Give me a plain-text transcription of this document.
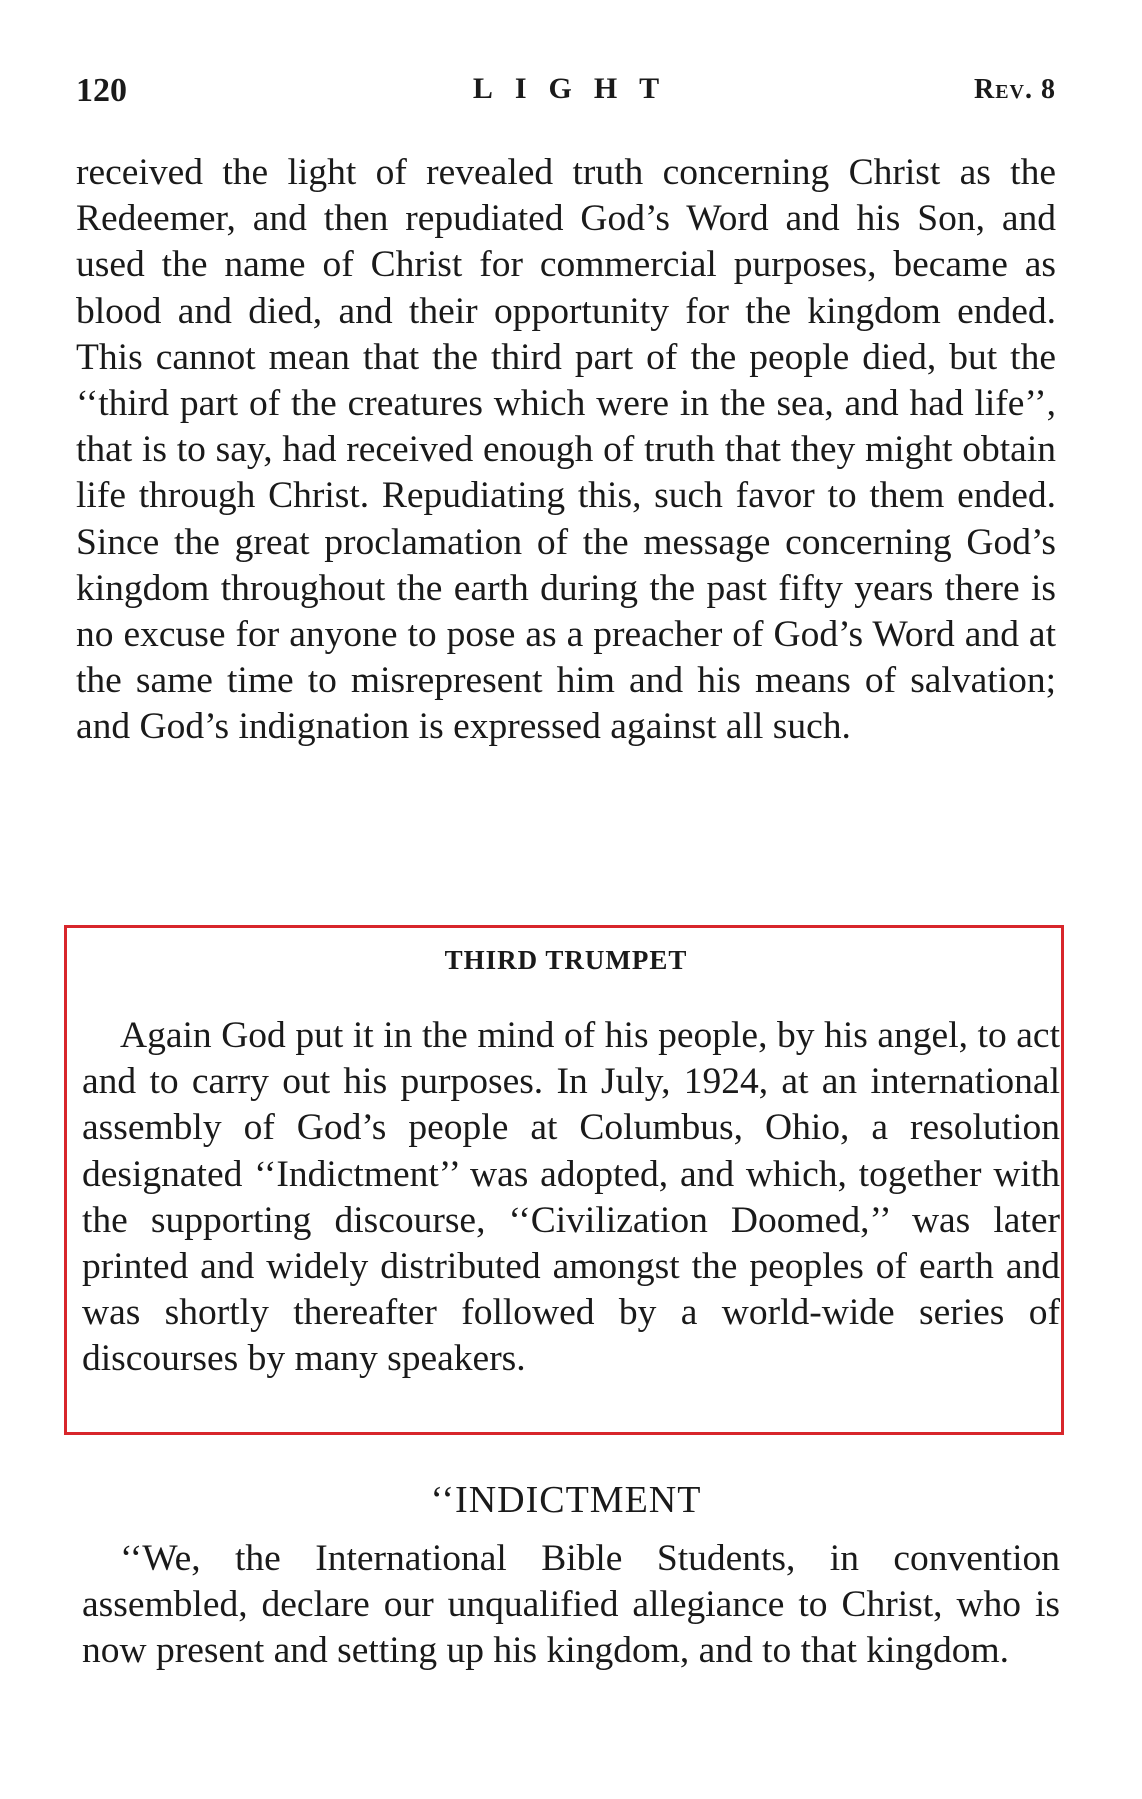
120	LIGHT	Rev. 8

received the light of revealed truth concerning Christ as the Redeemer, and then repudiated God’s Word and his Son, and used the name of Christ for commercial purposes, became as blood and died, and their opportunity for the kingdom ended. This cannot mean that the third part of the people died, but the ‘‘third part of the creatures which were in the sea, and had life’’, that is to say, had received enough of truth that they might obtain life through Christ. Repudiating this, such favor to them ended. Since the great proclamation of the message concerning God’s kingdom throughout the earth during the past fifty years there is no excuse for anyone to pose as a preacher of God’s Word and at the same time to misrepresent him and his means of salvation; and God’s indignation is expressed against all such.

THIRD TRUMPET

Again God put it in the mind of his people, by his angel, to act and to carry out his purposes. In July, 1924, at an international assembly of God’s people at Columbus, Ohio, a resolution designated ‘‘Indictment’’ was adopted, and which, together with the supporting discourse, ‘‘Civilization Doomed,’’ was later printed and widely distributed amongst the peoples of earth and was shortly thereafter followed by a world-wide series of discourses by many speakers.

‘‘INDICTMENT

‘‘We, the International Bible Students, in convention assembled, declare our unqualified allegiance to Christ, who is now present and setting up his kingdom, and to that kingdom.
